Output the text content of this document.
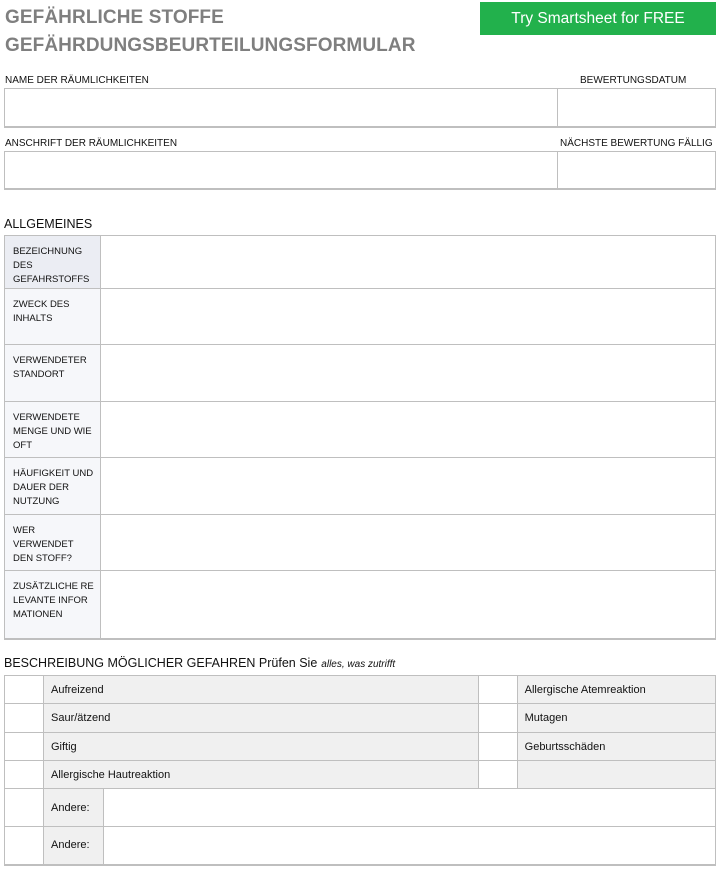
GEFÄHRLICHE STOFFE
GEFÄHRDUNGSBEURTEILUNGSFORMULAR
Try Smartsheet for FREE
NAME DER RÄUMLICHKEITEN	BEWERTUNGSDATUM
ANSCHRIFT DER RÄUMLICHKEITEN	NÄCHSTE BEWERTUNG FÄLLIG
ALLGEMEINES
BEZEICHNUNG DES GEFAHRSTOFFS	
ZWECK DES INHALTS	
VERWENDETER STANDORT	
VERWENDETE MENGE UND WIE OFT	
HÄUFIGKEIT UND DAUER DER NUTZUNG	
WER VERWENDET DEN STOFF?	
ZUSÄTZLICHE RELEVANTE INFORMATIONEN	
BESCHREIBUNG MÖGLICHER GEFAHREN Prüfen Sie alles, was zutrifft
	Aufreizend			Allergische Atemreaktion
	Saur/ätzend			Mutagen
	Giftig			Geburtsschäden
	Allergische Hautreaktion			
	Andere:			
	Andere:			
